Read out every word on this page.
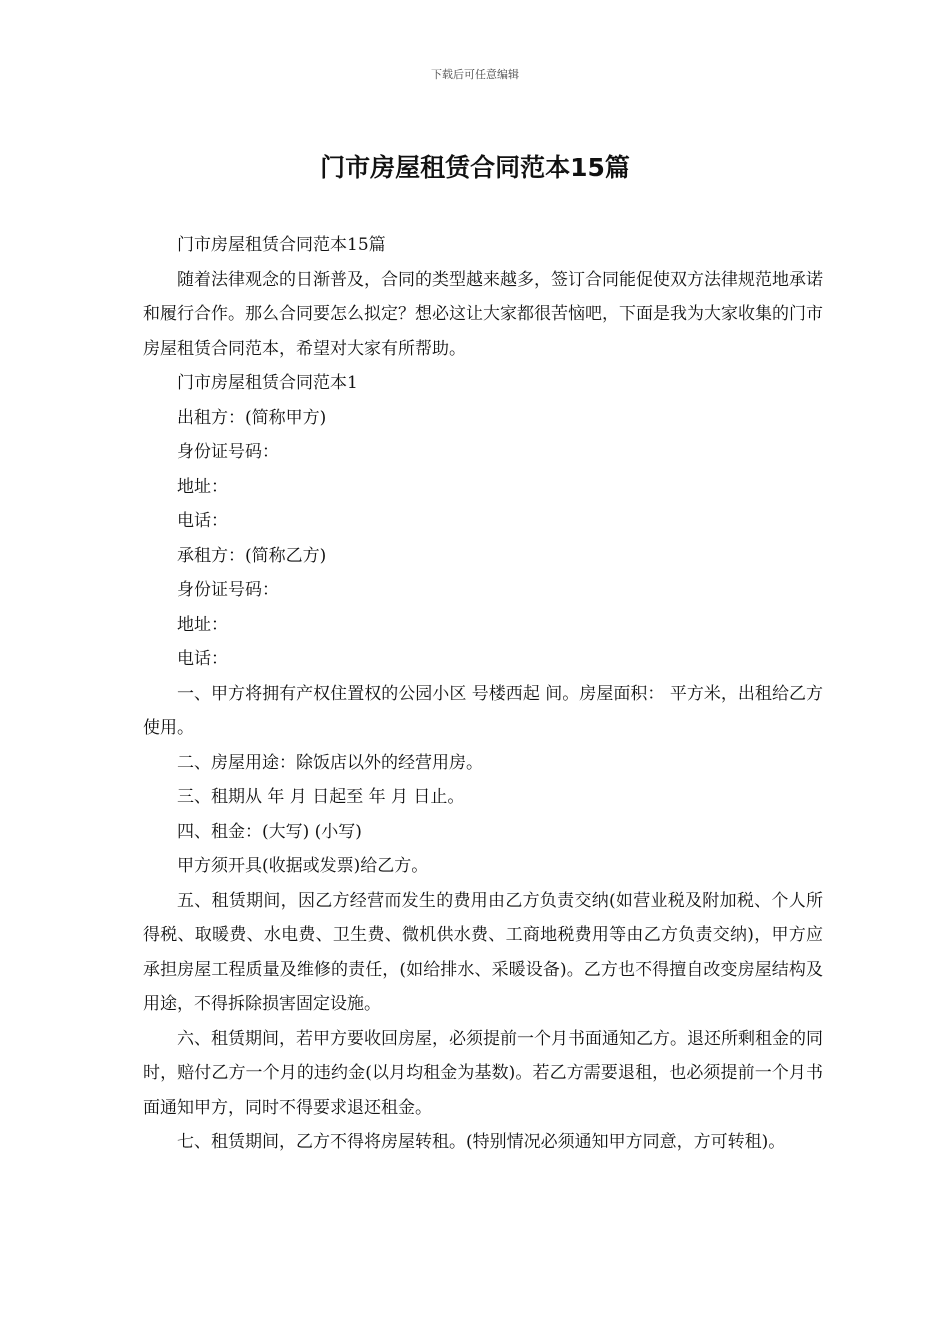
下载后可任意编辑
门市房屋租赁合同范本15篇

门市房屋租赁合同范本15篇

随着法律观念的日渐普及，合同的类型越来越多，签订合同能促使双方法律规范地承诺和履行合作。那么合同要怎么拟定？想必这让大家都很苦恼吧，下面是我为大家收集的门市房屋租赁合同范本，希望对大家有所帮助。

门市房屋租赁合同范本1

出租方：(简称甲方)

身份证号码：

地址：

电话：

承租方：(简称乙方)

身份证号码：

地址：

电话：

一、甲方将拥有产权住置权的公园小区 号楼西起 间。房屋面积： 平方米，出租给乙方使用。

二、房屋用途：除饭店以外的经营用房。

三、租期从 年 月 日起至 年 月 日止。

四、租金：(大写) (小写)

甲方须开具(收据或发票)给乙方。

五、租赁期间，因乙方经营而发生的费用由乙方负责交纳(如营业税及附加税、个人所得税、取暖费、水电费、卫生费、微机供水费、工商地税费用等由乙方负责交纳)，甲方应承担房屋工程质量及维修的责任，(如给排水、采暖设备)。乙方也不得擅自改变房屋结构及用途，不得拆除损害固定设施。

六、租赁期间，若甲方要收回房屋，必须提前一个月书面通知乙方。退还所剩租金的同时，赔付乙方一个月的违约金(以月均租金为基数)。若乙方需要退租，也必须提前一个月书面通知甲方，同时不得要求退还租金。

七、租赁期间，乙方不得将房屋转租。(特别情况必须通知甲方同意，方可转租)。
